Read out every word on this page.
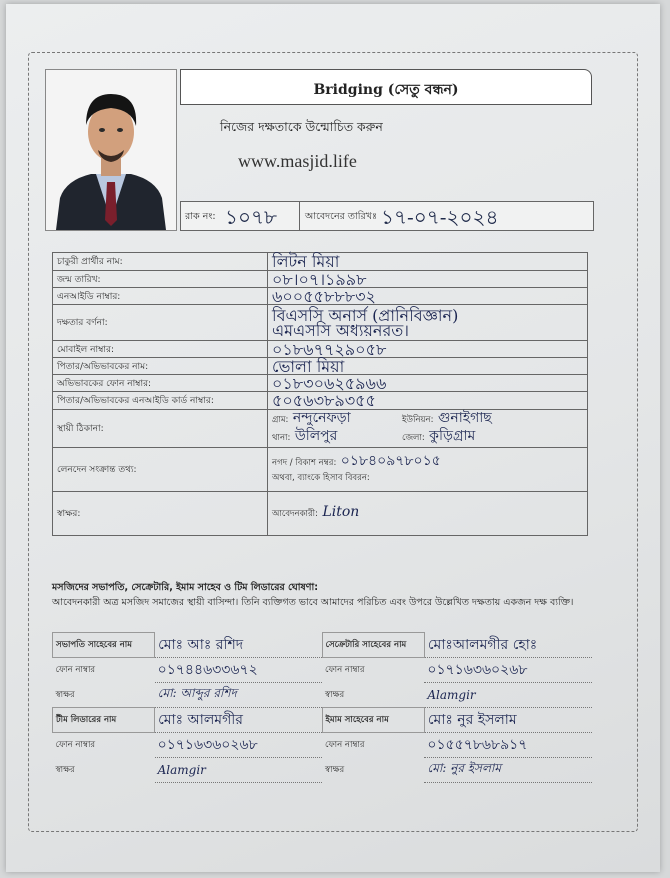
Bridging (সেতু বন্ধন)
নিজের দক্ষতাকে উন্মোচিত করুন
www.masjid.life
রাক নং: ১০৭৮	আবেদনের তারিখঃ ১৭-০৭-২০২৪
চাকুরী প্রার্থীর নাম:	লিটন মিয়া
জন্ম তারিখ:	০৮।০৭।১৯৯৮
এনআইডি নাম্বার:	৬০০৫৫৮৮৮৩২
দক্ষতার বর্ণনা:	বিএসসি অনার্স (প্রানিবিজ্ঞান)
এমএসসি অধ্যয়নরত।

মোবাইল নাম্বার:	০১৮৬৭৭২৯০৫৮
পিতার/অভিভাবকের নাম:	ভোলা মিয়া
অভিভাবকের ফোন নাম্বার:	০১৮৩০৬২৫৯৬৬
পিতার/অভিভাবকের এনআইডি কার্ড নাম্বার:	৫০৫৬৩৮৯৩৫৫
স্থায়ী ঠিকানা:	গ্রাম: নন্দুনেফড়া ইউনিয়ন: গুনাইগাছ
থানা: উলিপুর জেলা: কুড়িগ্রাম

লেনদেন সংক্রান্ত তথ্য:	নগদ / বিকাশ নম্বর: ০১৮৪০৯৭৮০১৫
অথবা, ব্যাংকে হিসাব বিবরন:

স্বাক্ষর:	আবেদনকারী: Liton
মসজিদের সভাপতি, সেক্রেটারি, ইমাম সাহেব ও টিম লিডারের ঘোষণা:
আবেদনকারী অত্র মসজিদ সমাজের স্থায়ী বাসিন্দা। তিনি ব্যক্তিগত ভাবে আমাদের পরিচিত এবং উপরে উল্লেখিত দক্ষতায় একজন দক্ষ ব্যক্তি।
সভাপতি সাহেবের নাম	মোঃ আঃ রশিদ	সেক্রেটারি সাহেবের নাম	মোঃআলমগীর হোঃ
ফোন নাম্বার	০১৭৪৪৬৩৩৬৭২	ফোন নাম্বার	০১৭১৬৩৬০২৬৮
স্বাক্ষর	মো: আব্দুর রশিদ	স্বাক্ষর	Alamgir
টীম লিডারের নাম	মোঃ আলমগীর	ইমাম সাহেবের নাম	মোঃ নুর ইসলাম
ফোন নাম্বার	০১৭১৬৩৬০২৬৮	ফোন নাম্বার	০১৫৫৭৮৬৮৯১৭
স্বাক্ষর	Alamgir	স্বাক্ষর	মো: নুর ইসলাম
